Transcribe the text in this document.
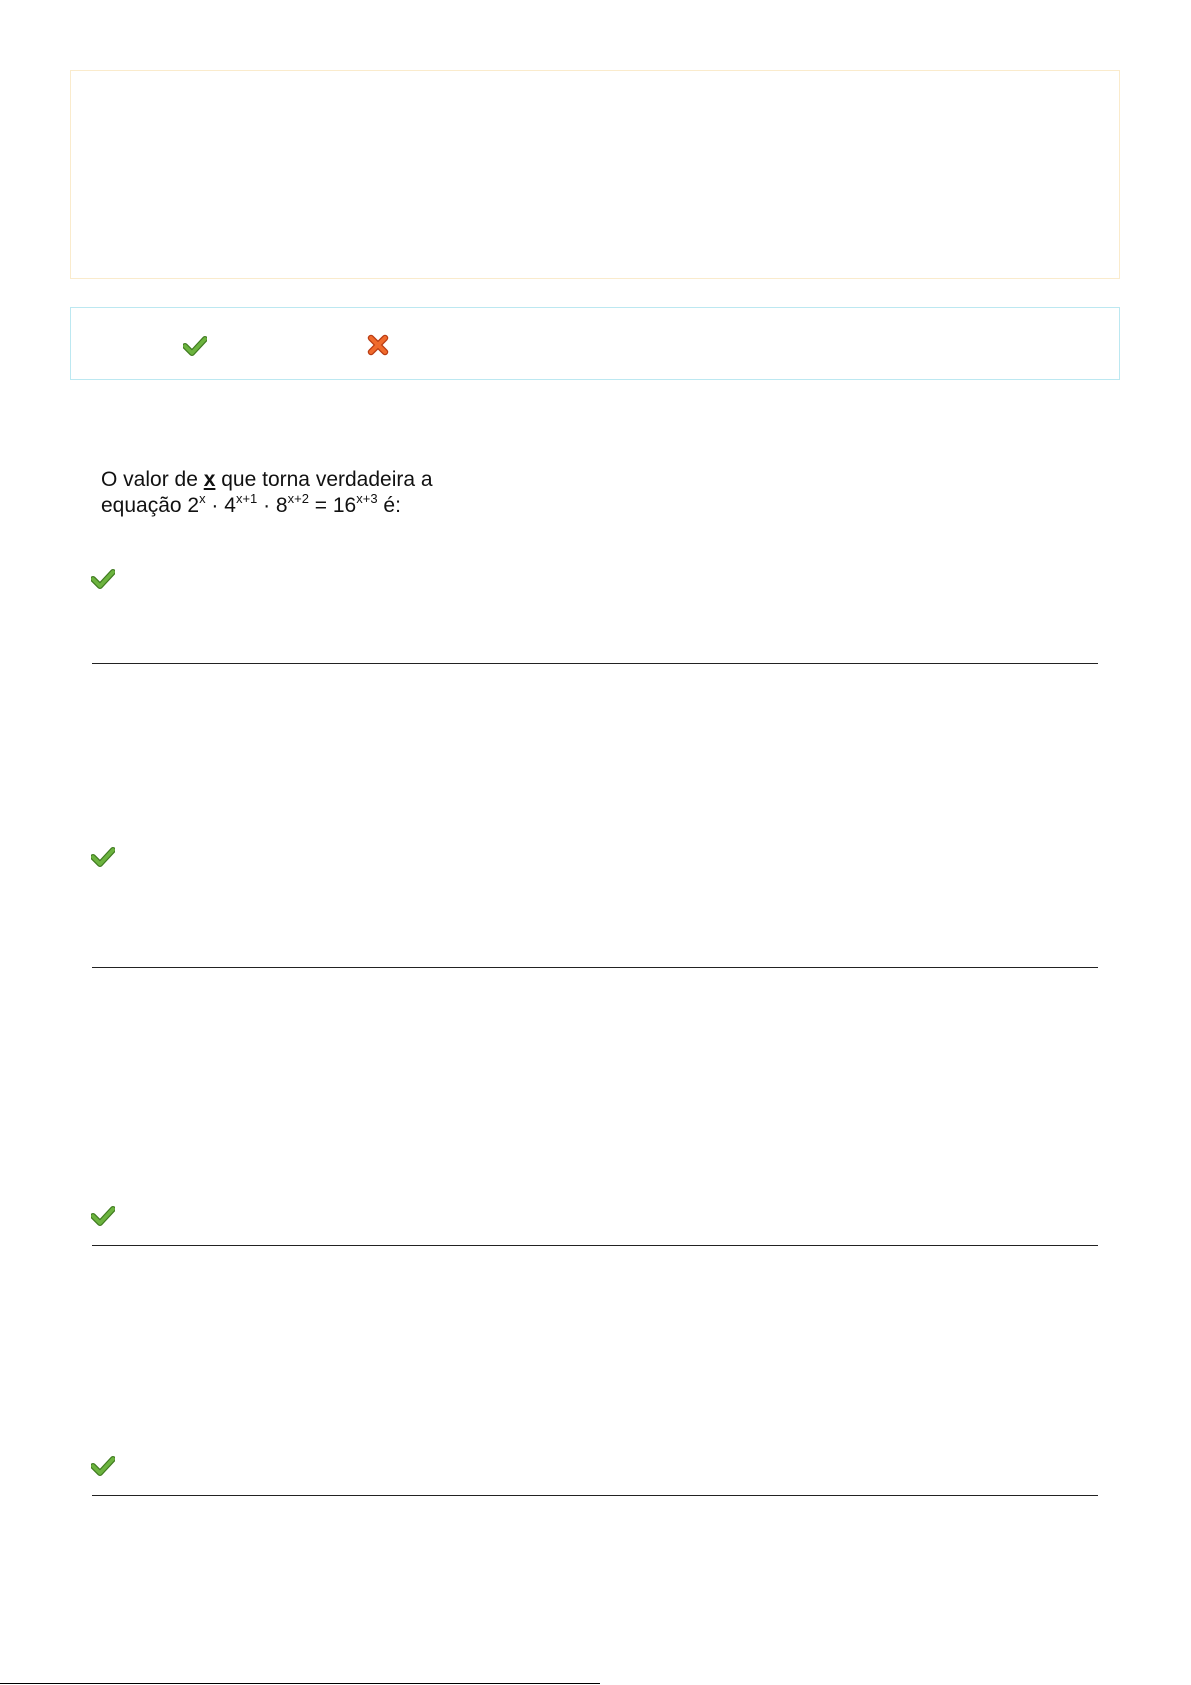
O valor de x que torna verdadeira a
equação $2^x \cdot 4^{x+1} \cdot 8^{x+2} = 16^{x+3}$ é:
